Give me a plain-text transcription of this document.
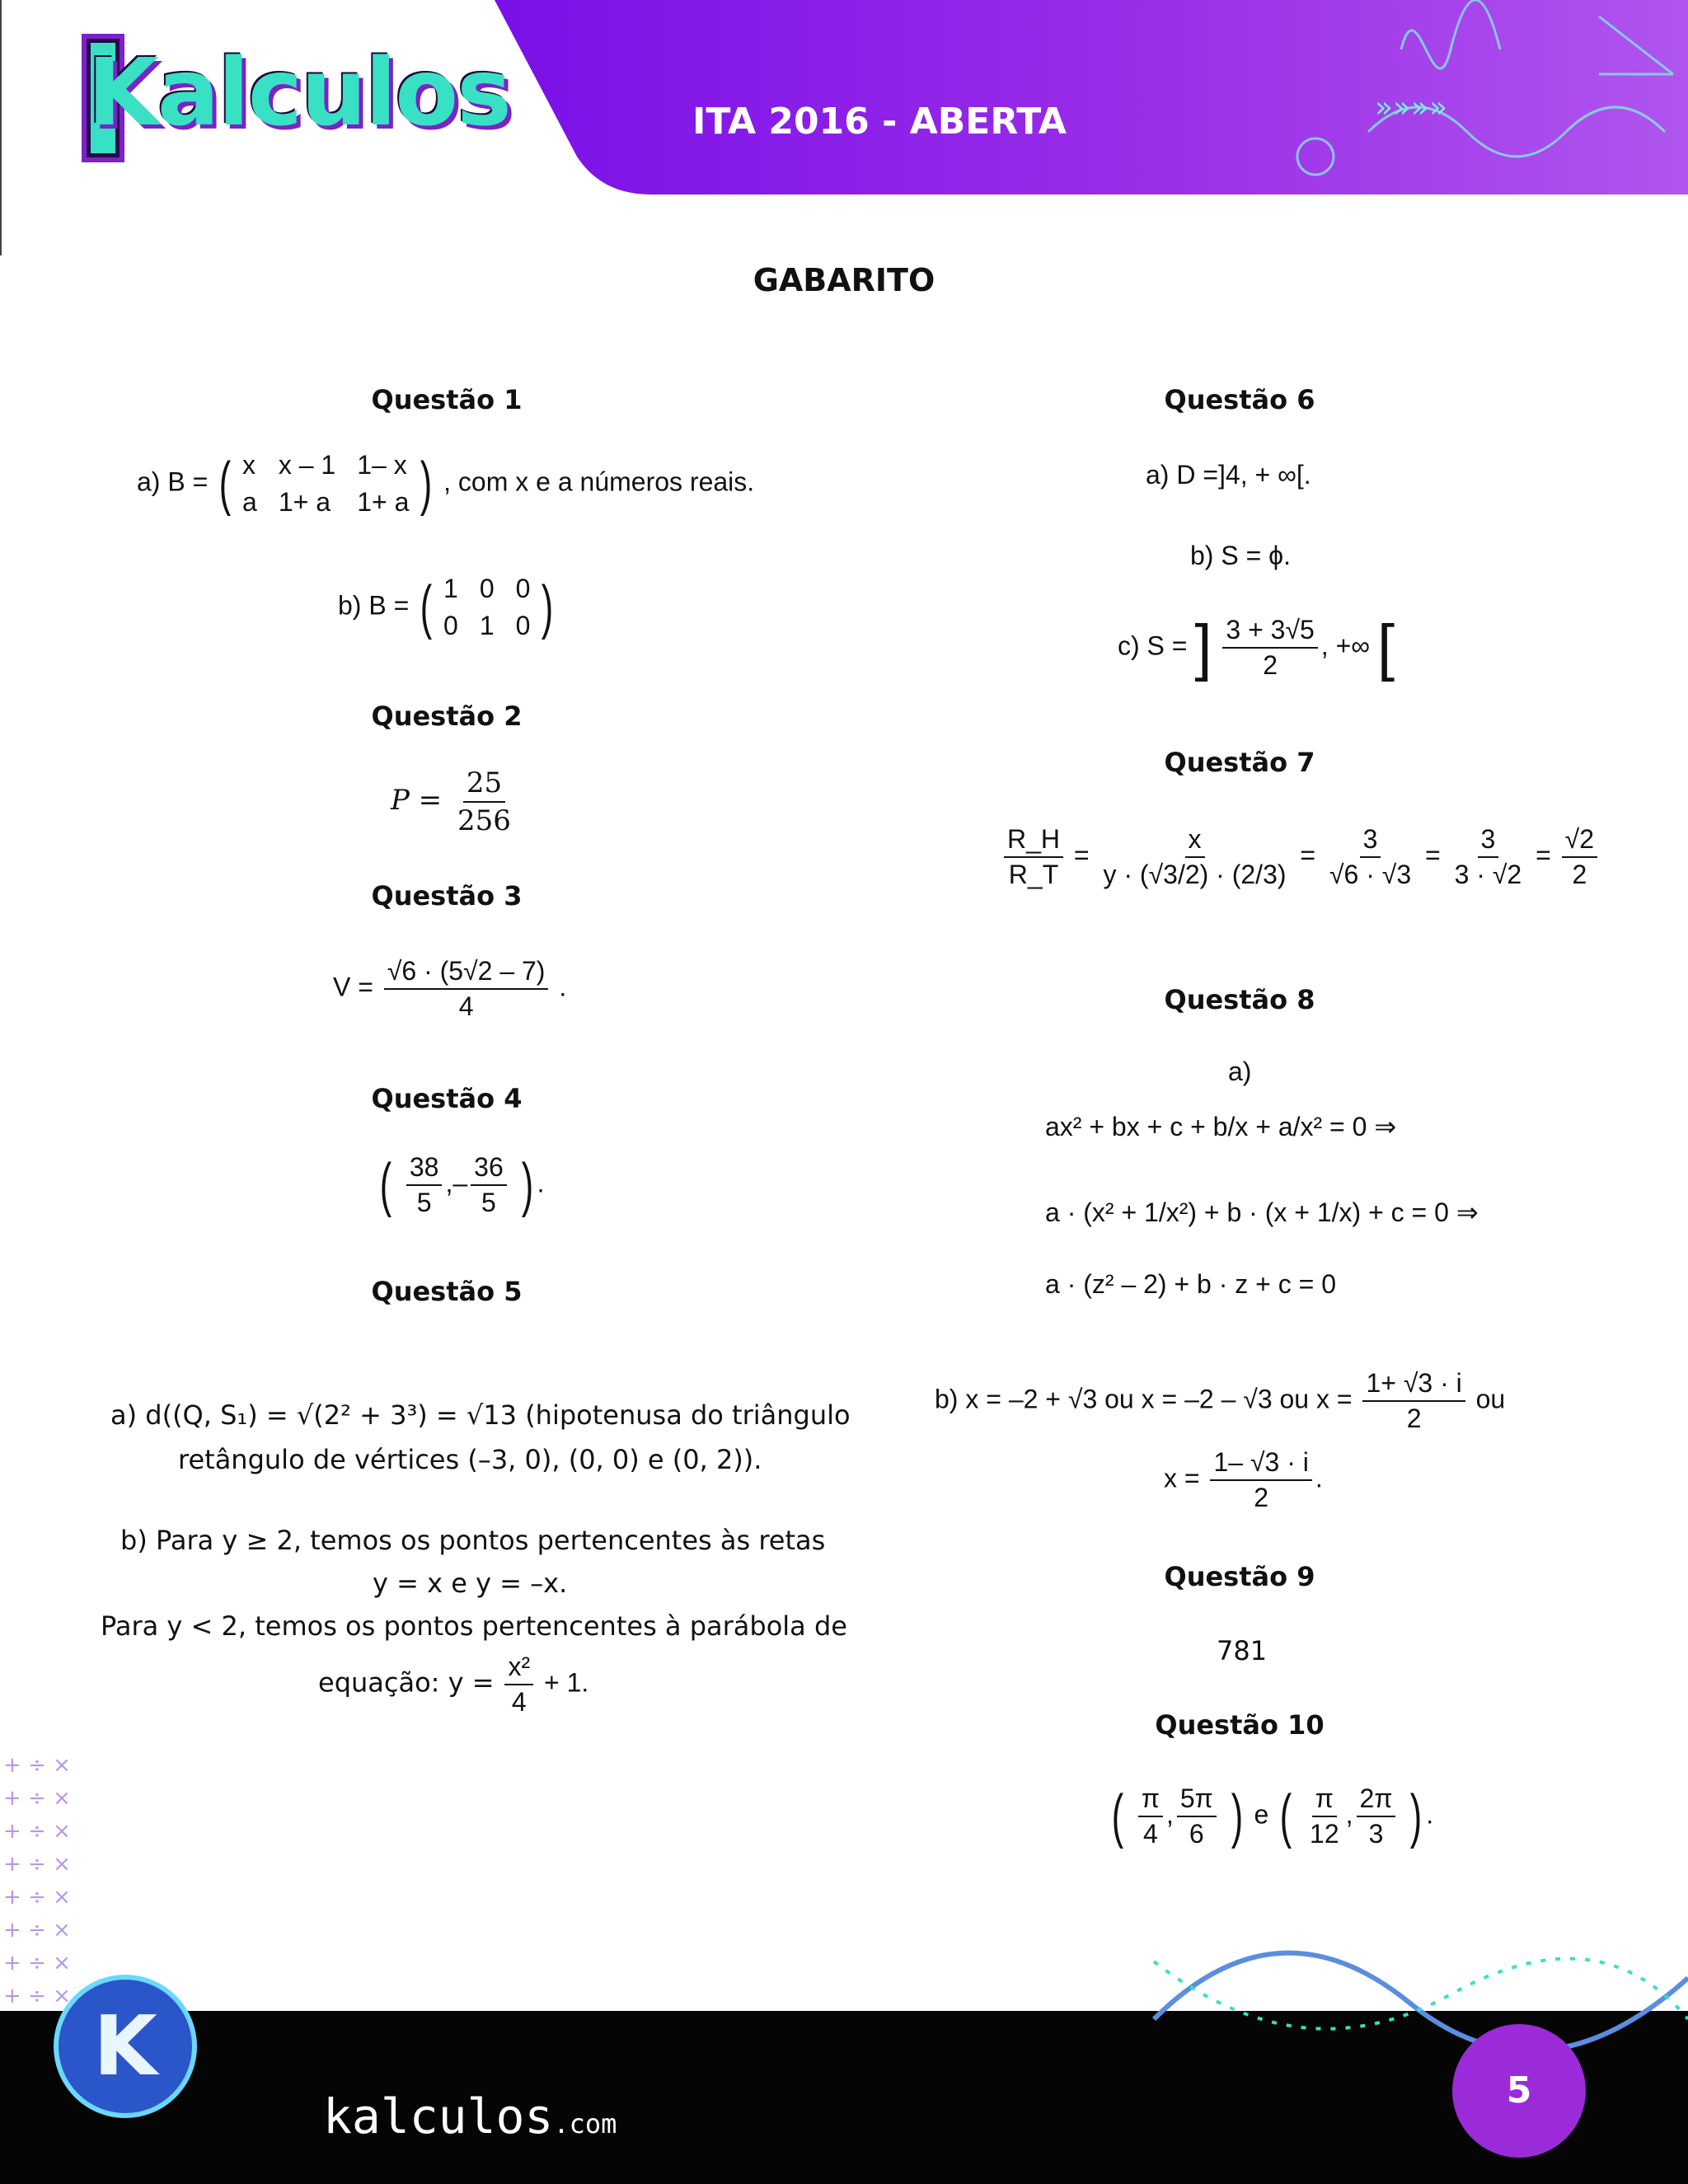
»»»»
Kalculos	ITA 2016 - ABERTA
GABARITO
Questão 1
a) B = ( x x – 1 1– x
a 1+ a 1+ a ) , com x e a números reais.
b) B = ( 1 0 0
0 1 0 )
Questão 2
$P = \frac{25}{256}$
Questão 3
$V = \frac{√6 \cdot (5√2 - 7)}{4}$ .
Questão 4
( $\frac{38}{5}$ ,– $\frac{36}{5}$ ) .
Questão 5
a) d((Q, S₁) = √(2² + 3³) = √13 (hipotenusa do triângulo
retângulo de vértices (–3, 0), (0, 0) e (0, 2)).
b) Para y ≥ 2, temos os pontos pertencentes às retas
y = x e y = –x.
Para y < 2, temos os pontos pertencentes à parábola de
equação: $y = \frac{\text{x²}}{4} + 1$.
Questão 6
a) D =]4, + ∞[.
b) S = ϕ.
c) S = ] $\frac{3 + 3√5}{2}$ , +∞ [
Questão 7
$\frac{R\_H}{R\_T} = \frac{x}{y \cdot (√3/2) \cdot (2/3)} = \frac{3}{√6 \cdot √3} = \frac{3}{3 \cdot √2} = \frac{√2}{2}$
Questão 8
a)
ax² + bx + c + b/x + a/x² = 0 ⇒
a · (x² + 1/x²) + b · (x + 1/x) + c = 0 ⇒
a · (z² – 2) + b · z + c = 0
b) x = –2 + √3 ou x = –2 – √3 ou $x = \frac{1+ √3 \cdot i}{2}$ ou
$x = \frac{1- √3 \cdot i}{2}$ .
Questão 9
781
Questão 10
( $\frac{\pi}{4}$ , $\frac{5\pi}{6}$ ) e ( $\frac{\pi}{12}$ , $\frac{2\pi}{3}$ ) .
+ ÷ ×
+ ÷ ×
+ ÷ ×
+ ÷ ×
+ ÷ ×
+ ÷ ×
+ ÷ ×
+ ÷ ×
K
kalculos.com
5
